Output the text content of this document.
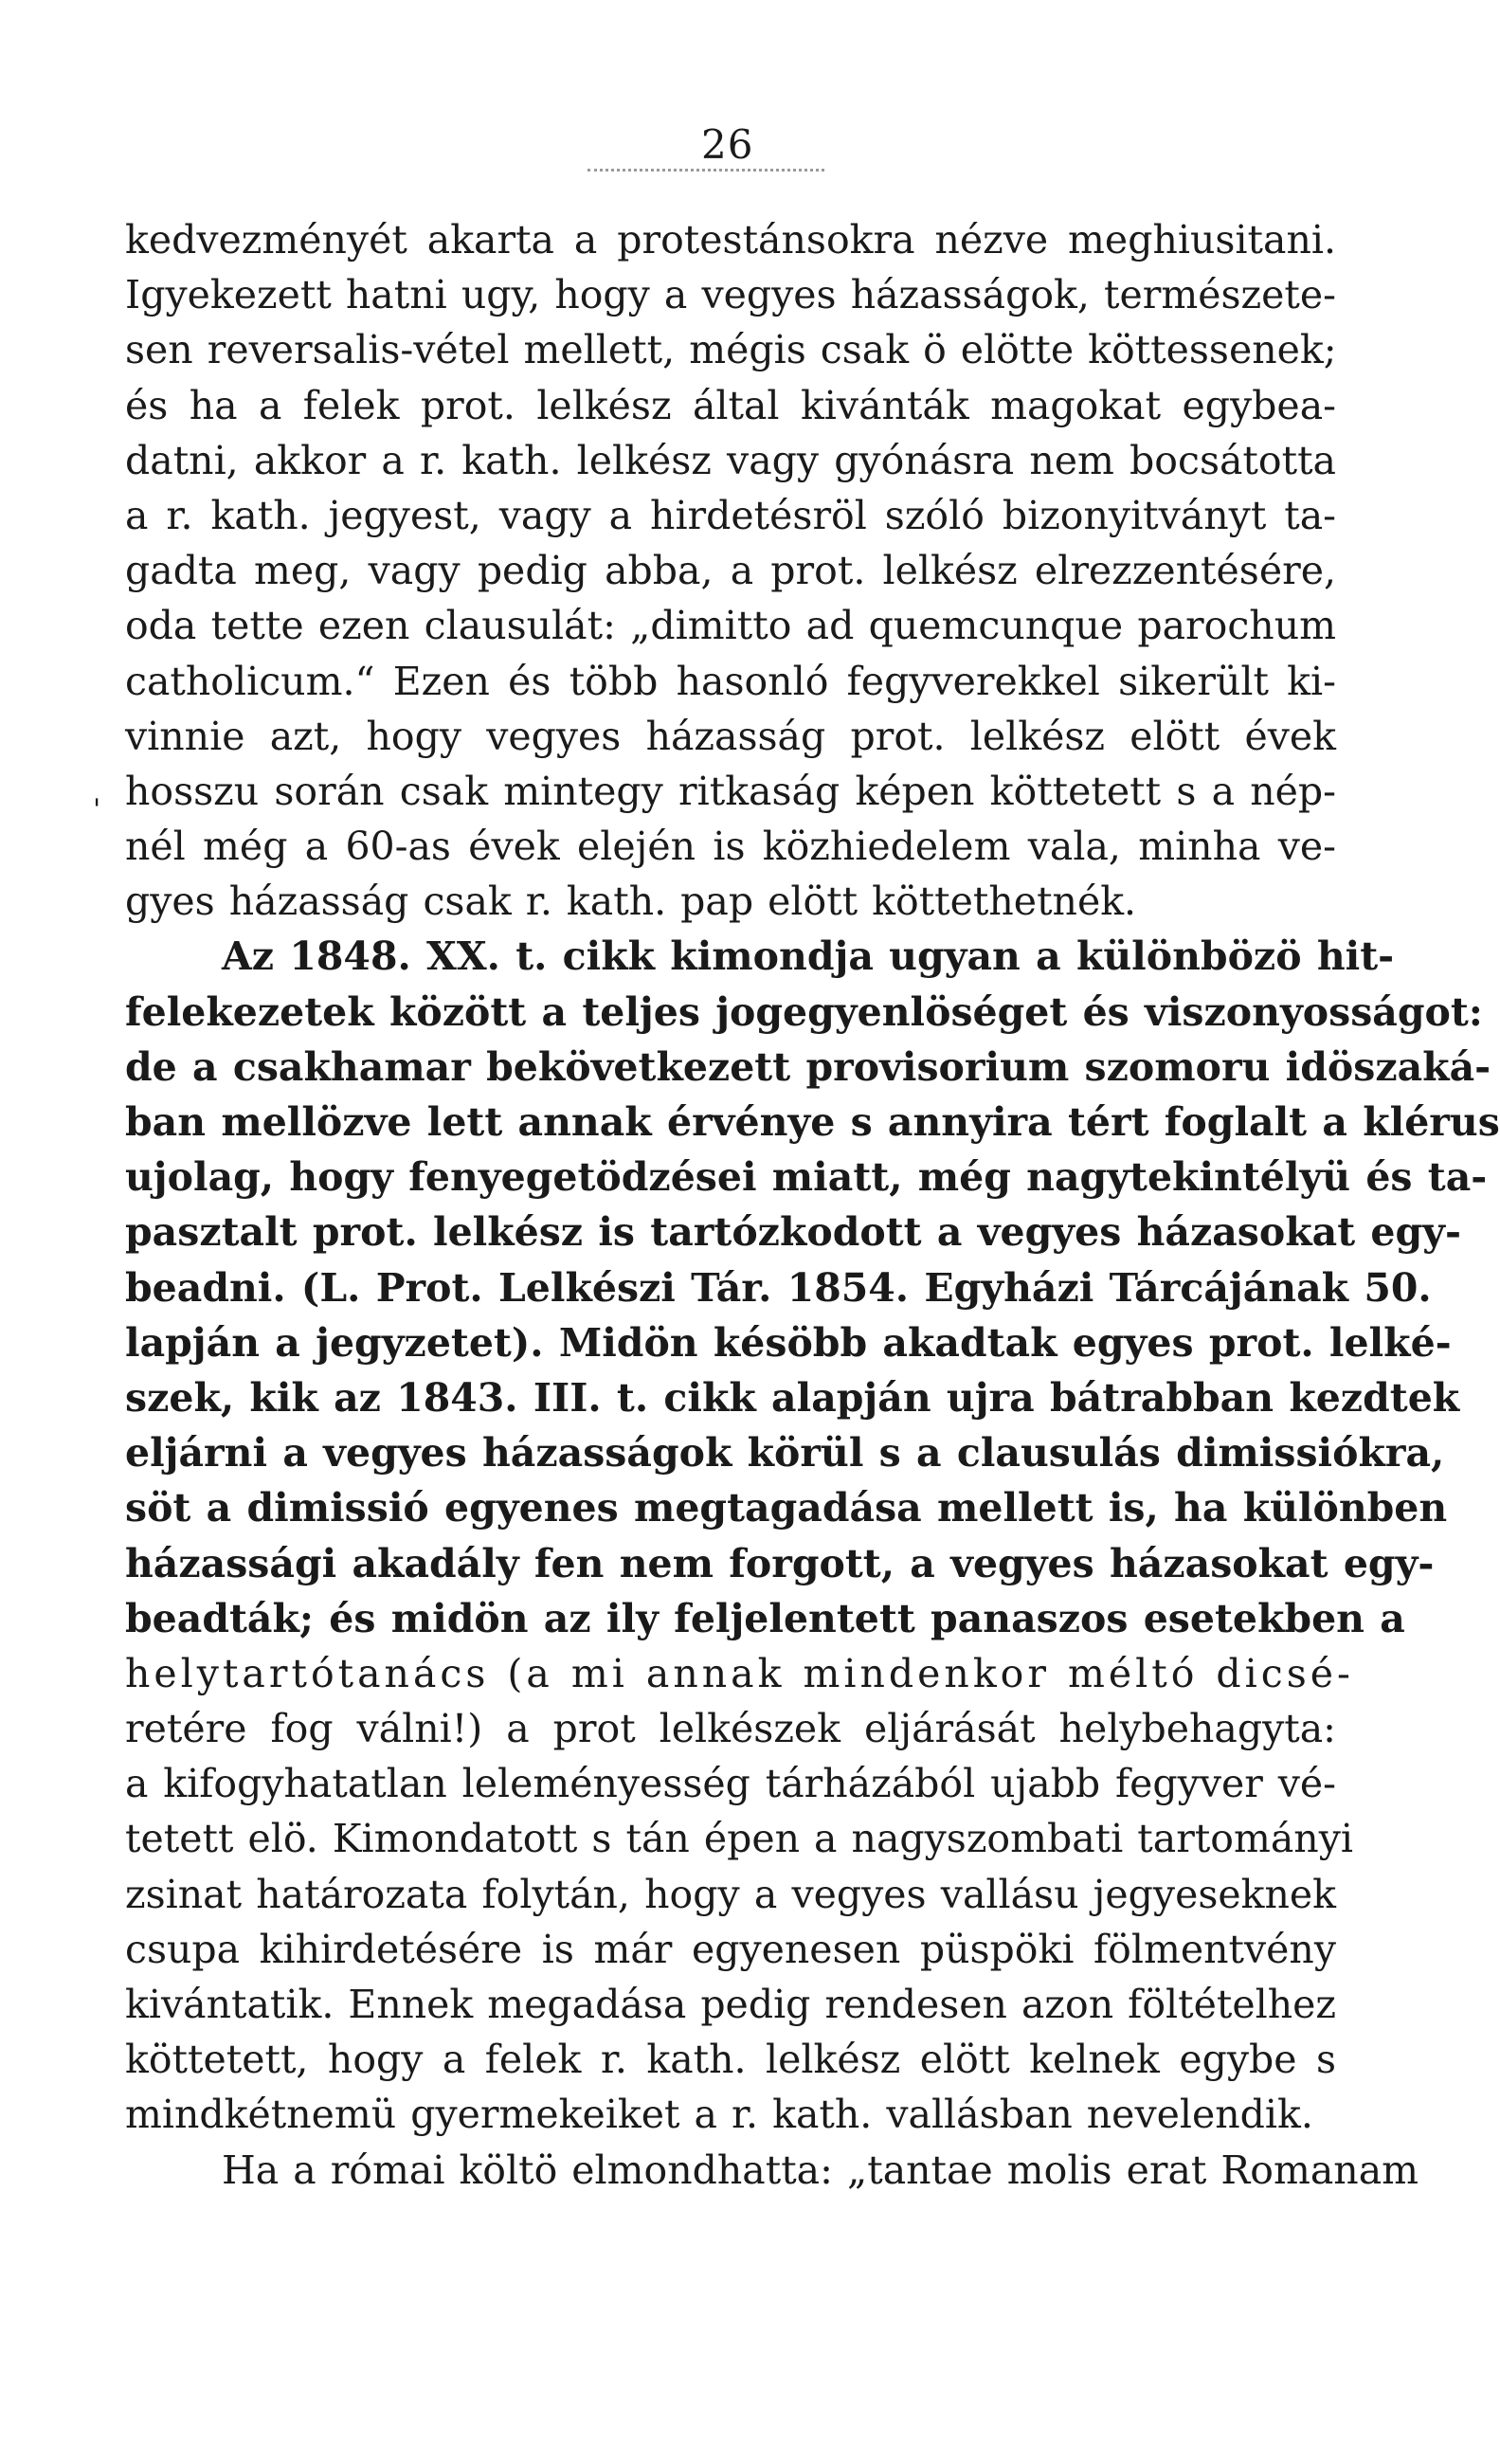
26
'
kedvezményét akarta a protestánsokra nézve meghiusitani.
Igyekezett hatni ugy, hogy a vegyes házasságok, természete-
sen reversalis-vétel mellett, mégis csak ö elötte köttessenek;
és ha a felek prot. lelkész által kivánták magokat egybea-
datni, akkor a r. kath. lelkész vagy gyónásra nem bocsátotta
a r. kath. jegyest, vagy a hirdetésröl szóló bizonyitványt ta-
gadta meg, vagy pedig abba, a prot. lelkész elrezzentésére,
oda tette ezen clausulát: „dimitto ad quemcunque parochum
catholicum.“ Ezen és több hasonló fegyverekkel sikerült ki-
vinnie azt, hogy vegyes házasság prot. lelkész elött évek
hosszu során csak mintegy ritkaság képen köttetett s a nép-
nél még a 60-as évek elején is közhiedelem vala, minha ve-
gyes házasság csak r. kath. pap elött köttethetnék.
Az 1848. XX. t. cikk kimondja ugyan a különbözö hit-
felekezetek között a teljes jogegyenlöséget és viszonyosságot:
de a csakhamar bekövetkezett provisorium szomoru idöszaká-
ban mellözve lett annak érvénye s annyira tért foglalt a klérus
ujolag, hogy fenyegetödzései miatt, még nagytekintélyü és ta-
pasztalt prot. lelkész is tartózkodott a vegyes házasokat egy-
beadni. (L. Prot. Lelkészi Tár. 1854. Egyházi Tárcájának 50.
lapján a jegyzetet). Midön késöbb akadtak egyes prot. lelké-
szek, kik az 1843. III. t. cikk alapján ujra bátrabban kezdtek
eljárni a vegyes házasságok körül s a clausulás dimissiókra,
söt a dimissió egyenes megtagadása mellett is, ha különben
házassági akadály fen nem forgott, a vegyes házasokat egy-
beadták; és midön az ily feljelentett panaszos esetekben a
helytartótanács (a mi annak mindenkor méltó dicsé-
retére fog válni!) a prot lelkészek eljárását helybehagyta:
a kifogyhatatlan leleményesség tárházából ujabb fegyver vé-
tetett elö. Kimondatott s tán épen a nagyszombati tartományi
zsinat határozata folytán, hogy a vegyes vallásu jegyeseknek
csupa kihirdetésére is már egyenesen püspöki fölmentvény
kivántatik. Ennek megadása pedig rendesen azon föltételhez
köttetett, hogy a felek r. kath. lelkész elött kelnek egybe s
mindkétnemü gyermekeiket a r. kath. vallásban nevelendik.
Ha a római költö elmondhatta: „tantae molis erat Romanam
